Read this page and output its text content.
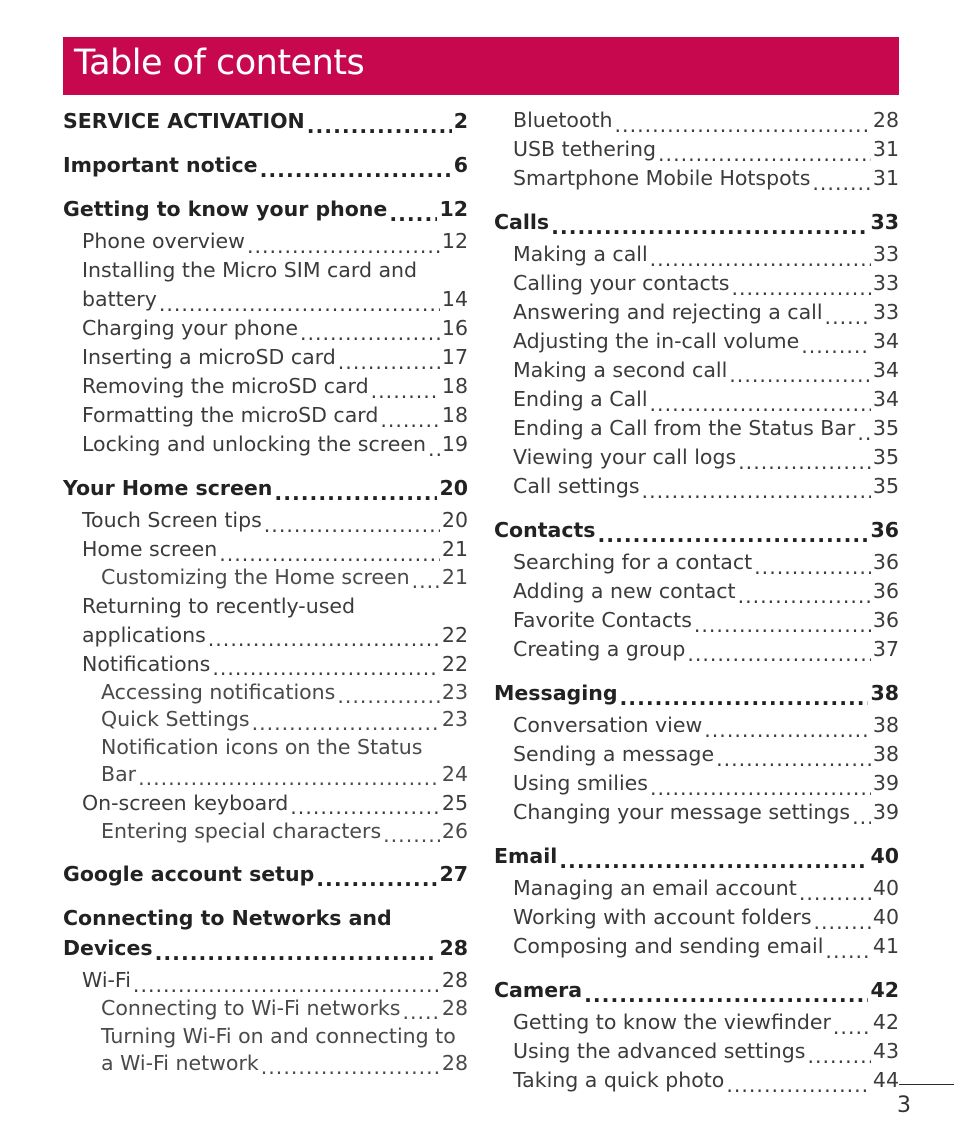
Table of contents
SERVICE ACTIVATION .....	2
Important notice .....	6
Getting to know your phone .....	12
Phone overview .....	12
Installing the Micro SIM card and
battery .....	14
Charging your phone .....	16
Inserting a microSD card .....	17
Removing the microSD card .....	18
Formatting the microSD card .....	18
Locking and unlocking the screen ..... 19
Your Home screen .....	20
Touch Screen tips .....	20
Home screen .....	21
Customizing the Home screen ..... 21
Returning to recently-used
applications .....	22
Notifications .....	22
Accessing notifications .....	23
Quick Settings .....	23
Notification icons on the Status
Bar .....	24
On-screen keyboard .....	25
Entering special characters .....	26
Google account setup .....	27
Connecting to Networks and
Devices .....	28
Wi-Fi .....	28
Connecting to Wi-Fi networks ..... 28
Turning Wi-Fi on and connecting to
a Wi-Fi network .....	28
Bluetooth .....	28
USB tethering .....	31
Smartphone Mobile Hotspots .....	31
Calls .....	33
Making a call .....	33
Calling your contacts .....	33
Answering and rejecting a call ..... 33
Adjusting the in-call volume .....	34
Making a second call .....	34
Ending a Call .....	34
Ending a Call from the Status Bar ..... 35
Viewing your call logs .....	35
Call settings .....	35
Contacts .....	36
Searching for a contact .....	36
Adding a new contact .....	36
Favorite Contacts .....	36
Creating a group .....	37
Messaging .....	38
Conversation view .....	38
Sending a message .....	38
Using smilies .....	39
Changing your message settings ..... 39
Email .....	40
Managing an email account .....	40
Working with account folders .....	40
Composing and sending email ..... 41
Camera .....	42
Getting to know the viewfinder ..... 42
Using the advanced settings .....	43
Taking a quick photo .....	44
3
